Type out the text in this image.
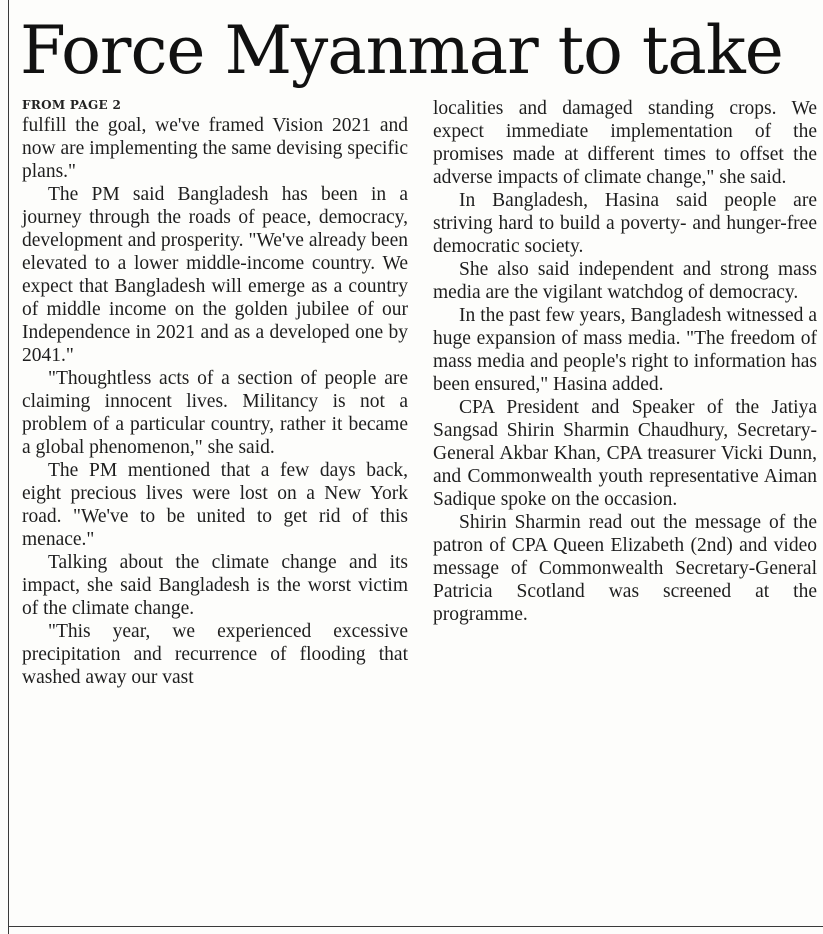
Force Myanmar to take
FROM PAGE 2

fulfill the goal, we've framed Vision 2021 and now are implementing the same devising specific plans."

The PM said Bangladesh has been in a journey through the roads of peace, democracy, development and prosperity. "We've already been elevated to a lower middle-income country. We expect that Bangladesh will emerge as a country of middle income on the golden jubilee of our Independence in 2021 and as a developed one by 2041."

"Thoughtless acts of a section of people are claiming innocent lives. Militancy is not a problem of a particular country, rather it became a global phenomenon," she said.

The PM mentioned that a few days back, eight precious lives were lost on a New York road. "We've to be united to get rid of this menace."

Talking about the climate change and its impact, she said Bangladesh is the worst victim of the climate change.

"This year, we experienced excessive precipitation and recurrence of flooding that washed away our vast

localities and damaged standing crops. We expect immediate implementation of the promises made at different times to offset the adverse impacts of climate change," she said.

In Bangladesh, Hasina said people are striving hard to build a poverty- and hunger-free democratic society.

She also said independent and strong mass media are the vigilant watchdog of democracy.

In the past few years, Bangladesh witnessed a huge expansion of mass media. "The freedom of mass media and people's right to information has been ensured," Hasina added.

CPA President and Speaker of the Jatiya Sangsad Shirin Sharmin Chaudhury, Secretary-General Akbar Khan, CPA treasurer Vicki Dunn, and Commonwealth youth representative Aiman Sadique spoke on the occasion.

Shirin Sharmin read out the message of the patron of CPA Queen Elizabeth (2nd) and video message of Commonwealth Secretary-General Patricia Scotland was screened at the programme.
